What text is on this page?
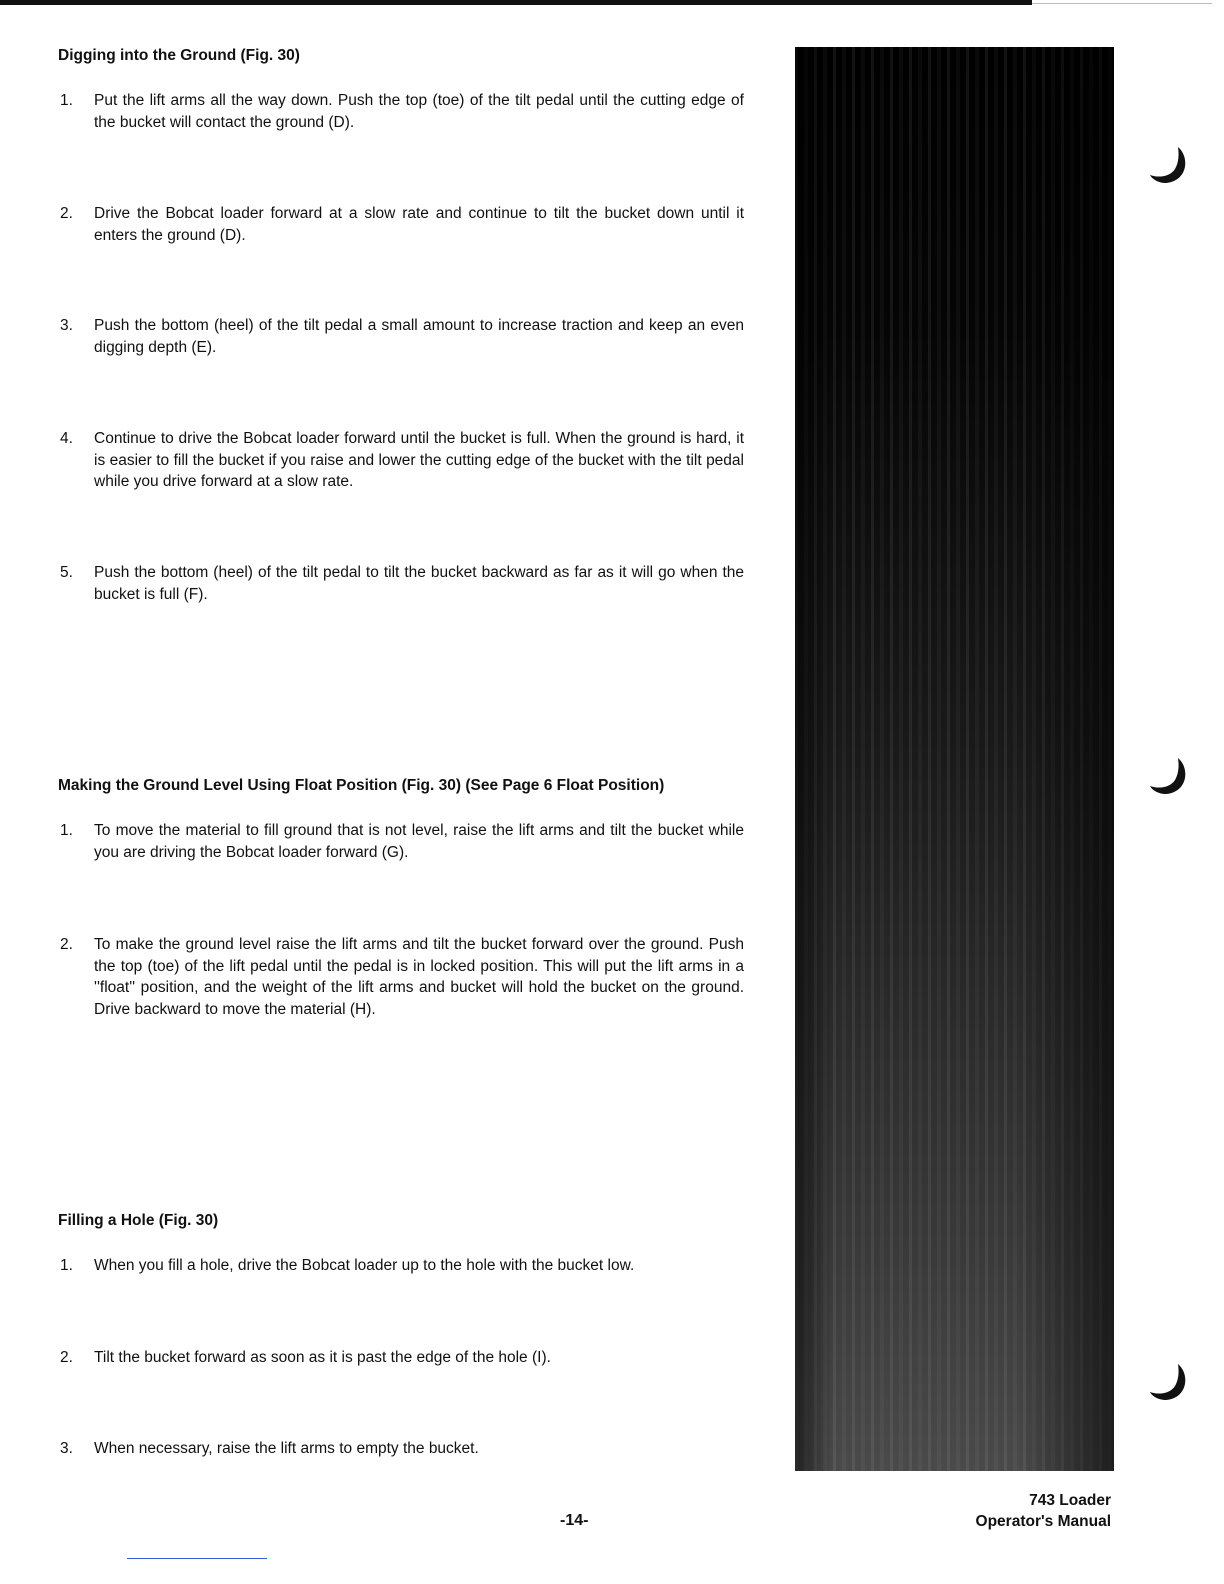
Digging into the Ground (Fig. 30)

1.	Put the lift arms all the way down. Push the top (toe) of the tilt pedal until the cutting edge of the bucket will contact the ground (D).
2.	Drive the Bobcat loader forward at a slow rate and continue to tilt the bucket down until it enters the ground (D).
3.	Push the bottom (heel) of the tilt pedal a small amount to increase traction and keep an even digging depth (E).
4.	Continue to drive the Bobcat loader forward until the bucket is full. When the ground is hard, it is easier to fill the bucket if you raise and lower the cutting edge of the bucket with the tilt pedal while you drive forward at a slow rate.
5.	Push the bottom (heel) of the tilt pedal to tilt the bucket backward as far as it will go when the bucket is full (F).

Making the Ground Level Using Float Position (Fig. 30) (See Page 6 Float Position)

1.	To move the material to fill ground that is not level, raise the lift arms and tilt the bucket while you are driving the Bobcat loader forward (G).
2.	To make the ground level raise the lift arms and tilt the bucket forward over the ground. Push the top (toe) of the lift pedal until the pedal is in locked position. This will put the lift arms in a ''float'' position, and the weight of the lift arms and bucket will hold the bucket on the ground. Drive backward to move the material (H).

Filling a Hole (Fig. 30)

1.	When you fill a hole, drive the Bobcat loader up to the hole with the bucket low.
2.	Tilt the bucket forward as soon as it is past the edge of the hole (I).
3.	When necessary, raise the lift arms to empty the bucket.
-14-
743 Loader
Operator's Manual
